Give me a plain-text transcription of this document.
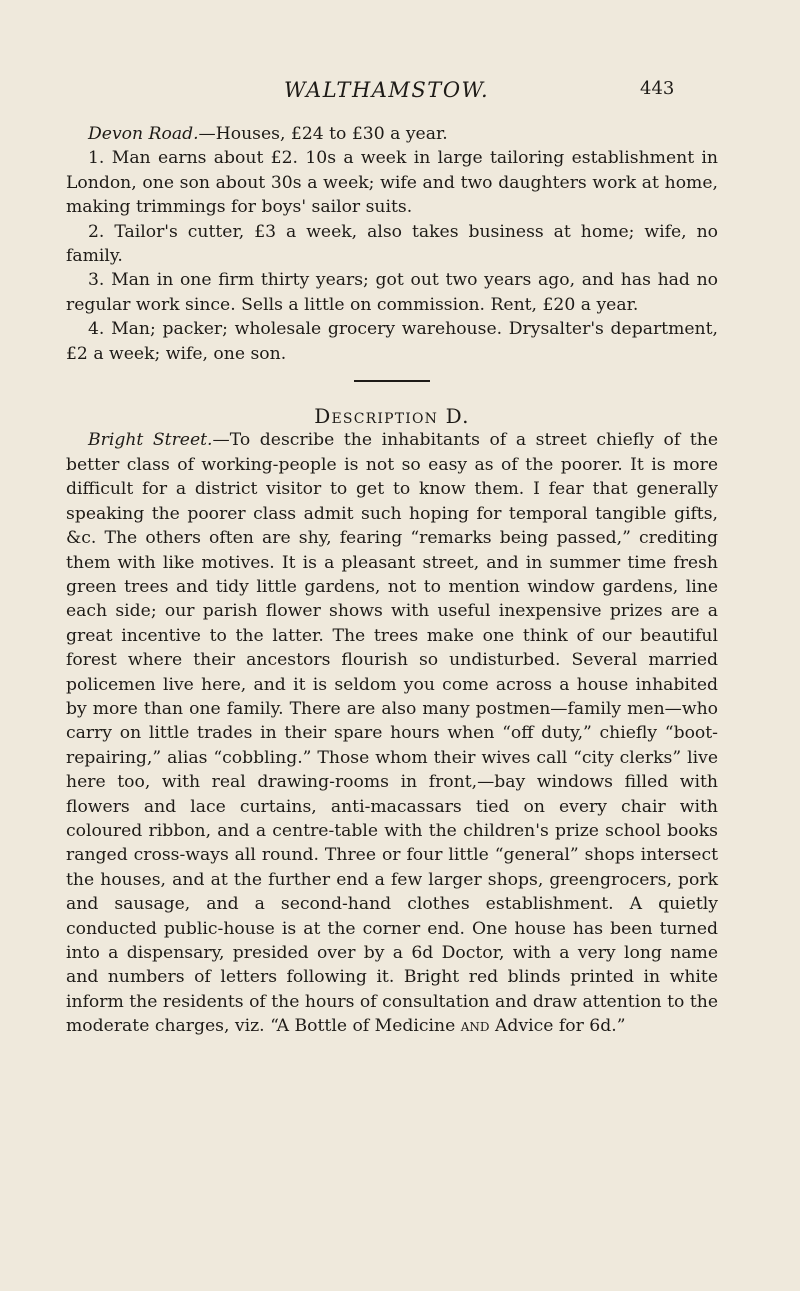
WALTHAMSTOW.	443

Devon Road.—Houses, £24 to £30 a year.

1. Man earns about £2. 10s a week in large tailoring establishment in London, one son about 30s a week; wife and two daughters work at home, making trimmings for boys' sailor suits.

2. Tailor's cutter, £3 a week, also takes business at home; wife, no family.

3. Man in one firm thirty years; got out two years ago, and has had no regular work since. Sells a little on commission. Rent, £20 a year.

4. Man; packer; wholesale grocery warehouse. Drysalter's department, £2 a week; wife, one son.

Description D.

Bright Street.—To describe the inhabitants of a street chiefly of the better class of working-people is not so easy as of the poorer. It is more difficult for a district visitor to get to know them. I fear that generally speaking the poorer class admit such hoping for temporal tangible gifts, &c. The others often are shy, fearing “remarks being passed,” crediting them with like motives. It is a pleasant street, and in summer time fresh green trees and tidy little gardens, not to mention window gardens, line each side; our parish flower shows with useful inexpensive prizes are a great incentive to the latter. The trees make one think of our beautiful forest where their ancestors flourish so undisturbed. Several married policemen live here, and it is seldom you come across a house inhabited by more than one family. There are also many postmen—family men—who carry on little trades in their spare hours when “off duty,” chiefly “boot-repairing,” alias “cobbling.” Those whom their wives call “city clerks” live here too, with real drawing-rooms in front,—bay windows filled with flowers and lace curtains, anti-macassars tied on every chair with coloured ribbon, and a centre-table with the children's prize school books ranged cross-ways all round. Three or four little “general” shops intersect the houses, and at the further end a few larger shops, greengrocers, pork and sausage, and a second-hand clothes establishment. A quietly conducted public-house is at the corner end. One house has been turned into a dispensary, presided over by a 6d Doctor, with a very long name and numbers of letters following it. Bright red blinds printed in white inform the residents of the hours of consultation and draw attention to the moderate charges, viz. “A Bottle of Medicine and Advice for 6d.”
